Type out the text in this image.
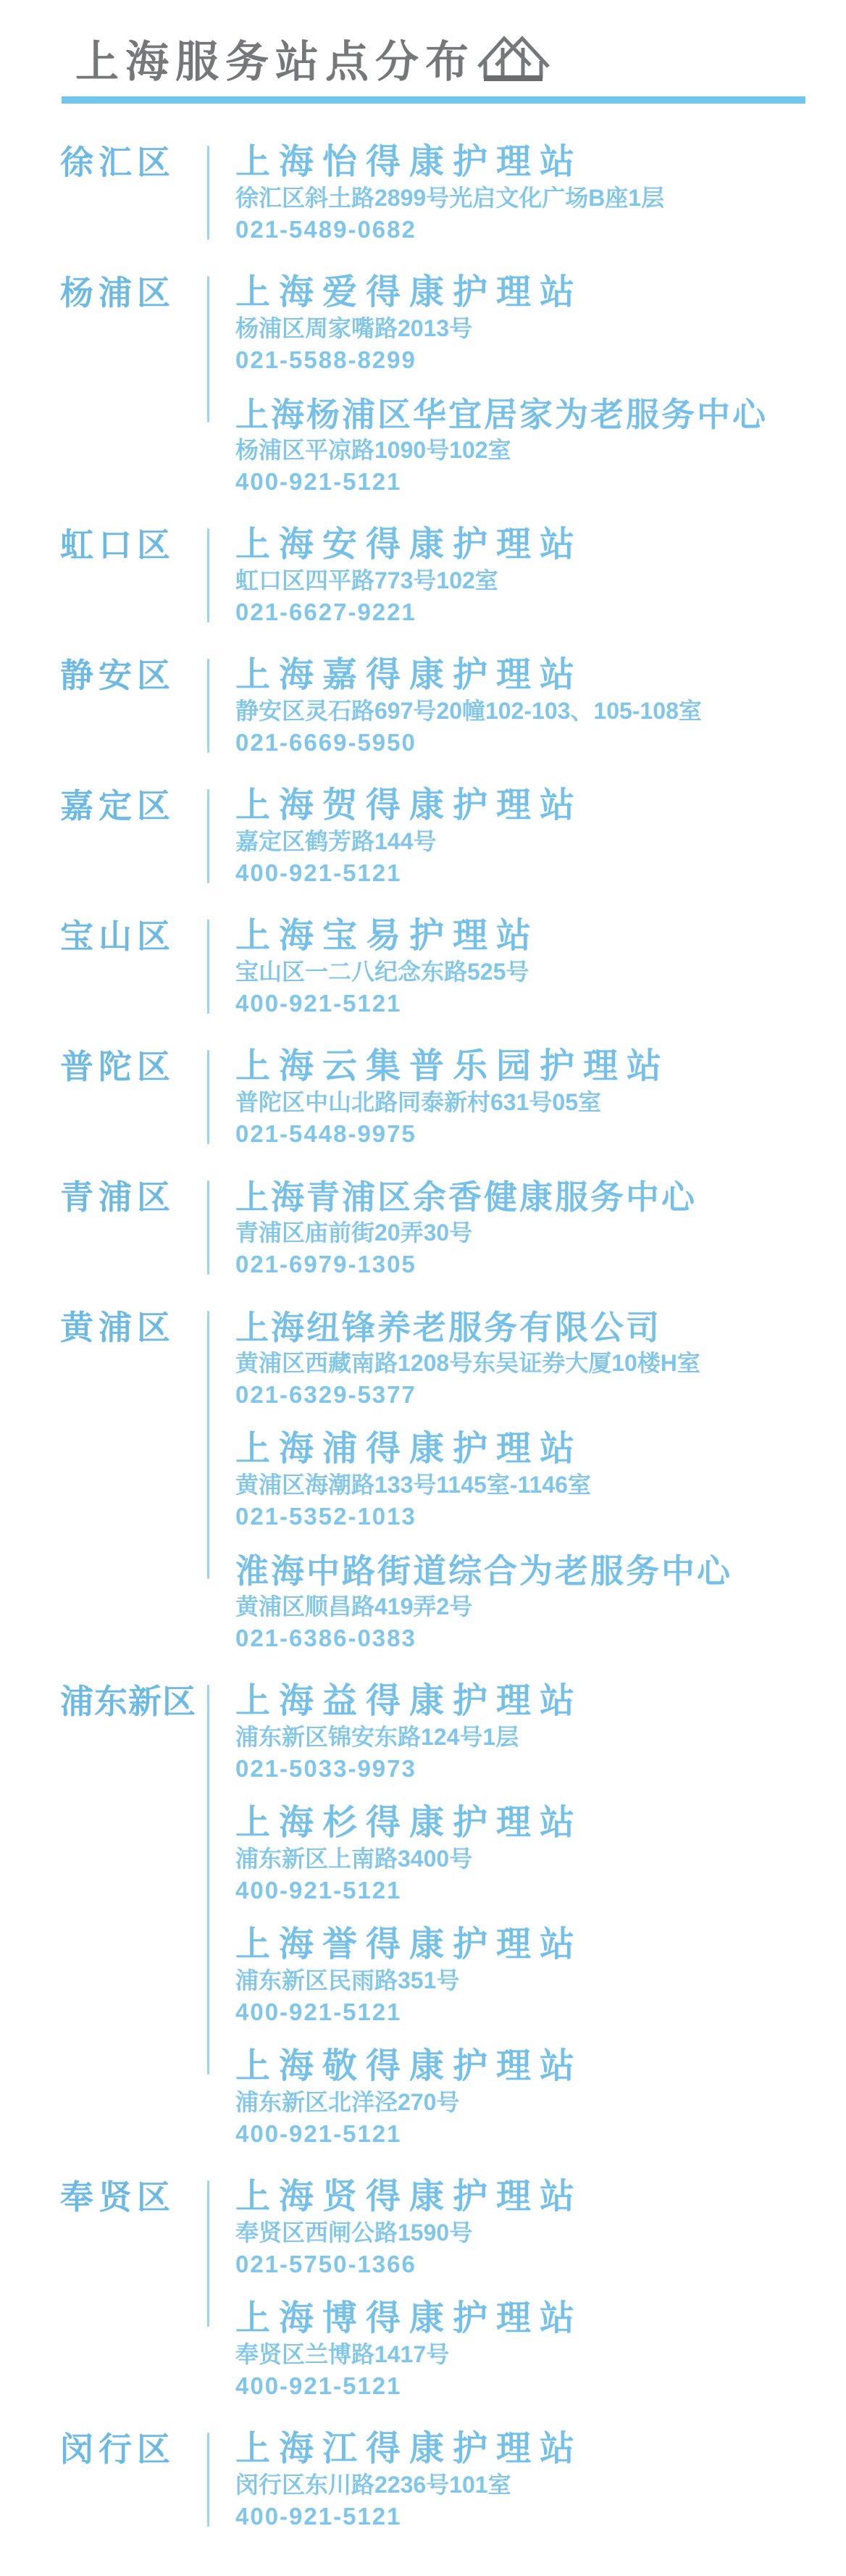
上海服务站点分布
徐汇区	上海怡得康护理站
徐汇区斜土路2899号光启文化广场B座1层
021-5489-0682
杨浦区	上海爱得康护理站
杨浦区周家嘴路2013号
021-5588-8299
上海杨浦区华宜居家为老服务中心
杨浦区平凉路1090号102室
400-921-5121
虹口区	上海安得康护理站
虹口区四平路773号102室
021-6627-9221
静安区	上海嘉得康护理站
静安区灵石路697号20幢102-103、105-108室
021-6669-5950
嘉定区	上海贺得康护理站
嘉定区鹤芳路144号
400-921-5121
宝山区	上海宝易护理站
宝山区一二八纪念东路525号
400-921-5121
普陀区	上海云集普乐园护理站
普陀区中山北路同泰新村631号05室
021-5448-9975
青浦区	上海青浦区余香健康服务中心
青浦区庙前街20弄30号
021-6979-1305
黄浦区	上海纽锋养老服务有限公司
黄浦区西藏南路1208号东吴证券大厦10楼H室
021-6329-5377
上海浦得康护理站
黄浦区海潮路133号1145室-1146室
021-5352-1013
淮海中路街道综合为老服务中心
黄浦区顺昌路419弄2号
021-6386-0383
浦东新区	上海益得康护理站
浦东新区锦安东路124号1层
021-5033-9973
上海杉得康护理站
浦东新区上南路3400号
400-921-5121
上海誉得康护理站
浦东新区民雨路351号
400-921-5121
上海敬得康护理站
浦东新区北洋泾270号
400-921-5121
奉贤区	上海贤得康护理站
奉贤区西闸公路1590号
021-5750-1366
上海博得康护理站
奉贤区兰博路1417号
400-921-5121
闵行区	上海江得康护理站
闵行区东川路2236号101室
400-921-5121
